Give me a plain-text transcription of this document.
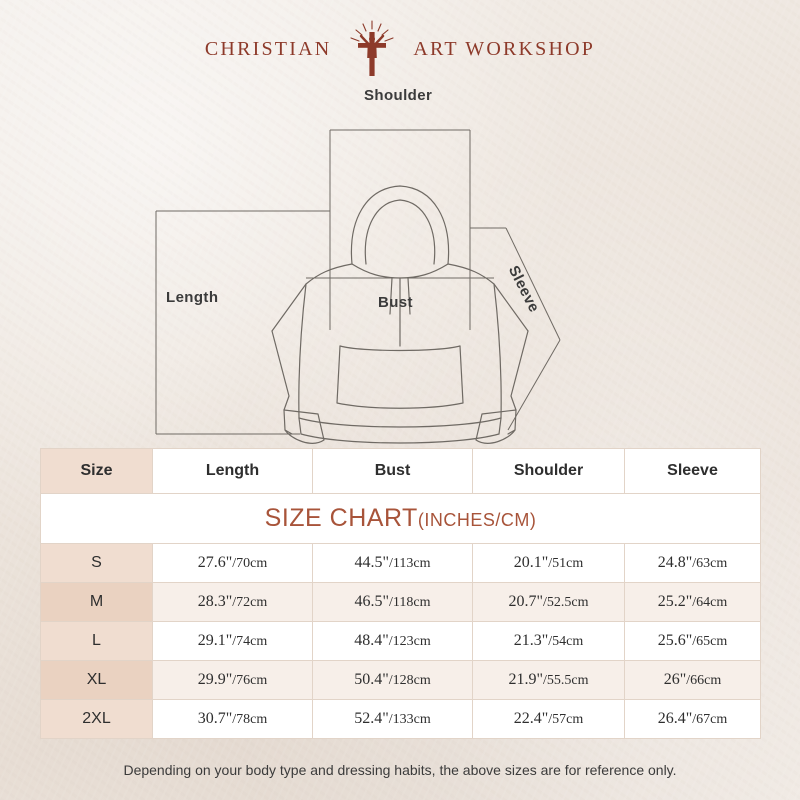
CHRISTIAN	ART WORKSHOP
Shoulder
Bust
Length	Sleeve
SIZE CHART(INCHES/CM)				
Size	Length	Bust	Shoulder	Sleeve
S	27.6"/70cm	44.5"/113cm	20.1"/51cm	24.8"/63cm
M	28.3"/72cm	46.5"/118cm	20.7"/52.5cm	25.2"/64cm
L	29.1"/74cm	48.4"/123cm	21.3"/54cm	25.6"/65cm
XL	29.9"/76cm	50.4"/128cm	21.9"/55.5cm	26"/66cm
2XL	30.7"/78cm	52.4"/133cm	22.4"/57cm	26.4"/67cm
Depending on your body type and dressing habits, the above sizes are for reference only.
